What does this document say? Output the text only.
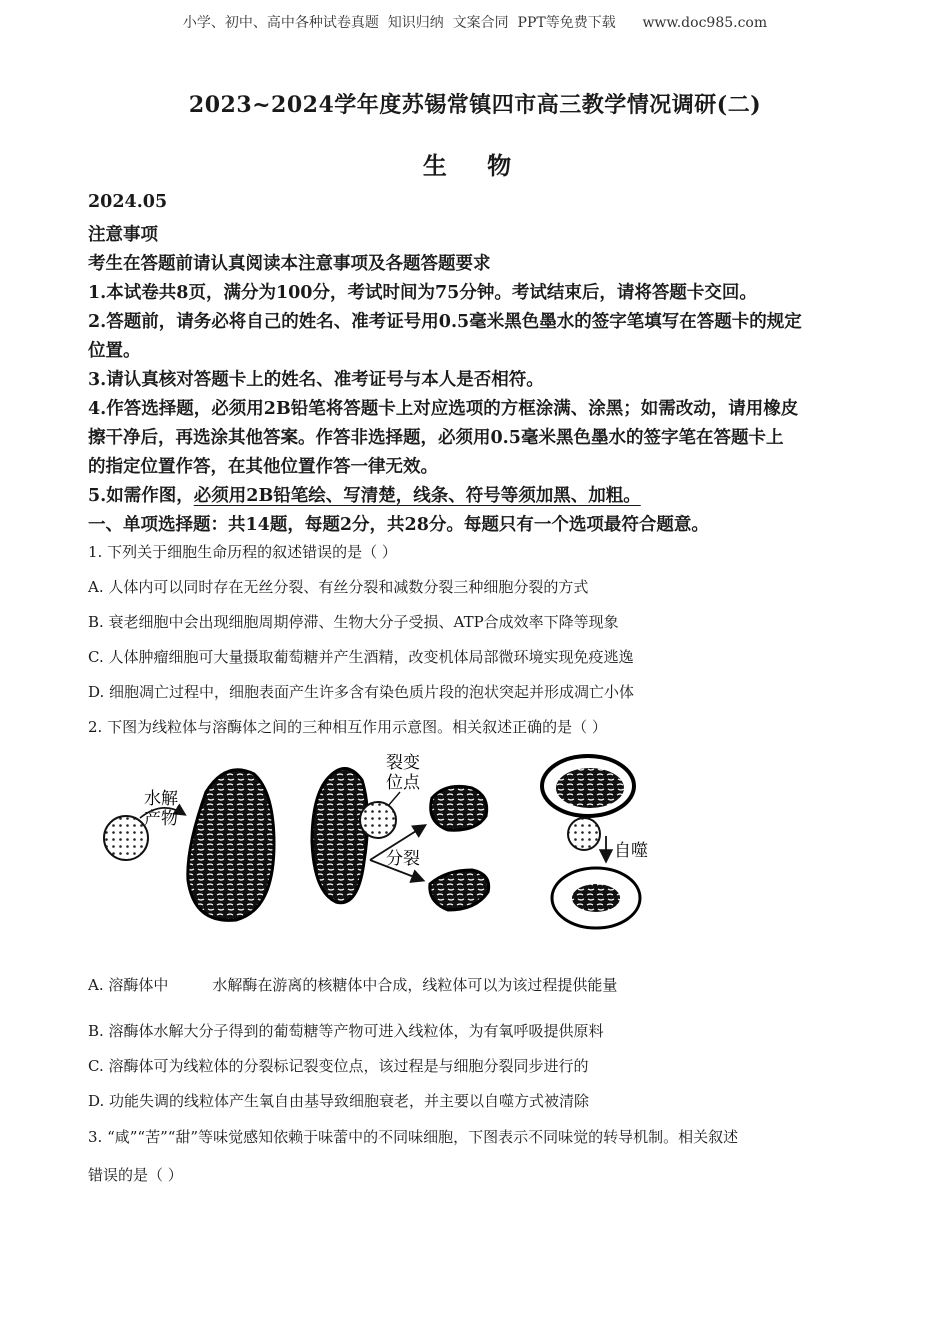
小学、初中、高中各种试卷真题  知识归纳  文案合同  PPT等免费下载      www.doc985.com
2023~2024学年度苏锡常镇四市高三教学情况调研(二)
生 物
2024.05
注意事项
考生在答题前请认真阅读本注意事项及各题答题要求
1.本试卷共8页，满分为100分，考试时间为75分钟。考试结束后，请将答题卡交回。
2.答题前，请务必将自己的姓名、准考证号用0.5毫米黑色墨水的签字笔填写在答题卡的规定
位置。
3.请认真核对答题卡上的姓名、准考证号与本人是否相符。
4.作答选择题，必须用2B铅笔将答题卡上对应选项的方框涂满、涂黑；如需改动，请用橡皮
擦干净后，再选涂其他答案。作答非选择题，必须用0.5毫米黑色墨水的签字笔在答题卡上
的指定位置作答，在其他位置作答一律无效。
5.如需作图，必须用2B铅笔绘、写清楚，线条、符号等须加黑、加粗。
一、单项选择题：共14题，每题2分，共28分。每题只有一个选项最符合题意。
1. 下列关于细胞生命历程的叙述错误的是（ ）
A. 人体内可以同时存在无丝分裂、有丝分裂和减数分裂三种细胞分裂的方式
B. 衰老细胞中会出现细胞周期停滞、生物大分子受损、ATP合成效率下降等现象
C. 人体肿瘤细胞可大量摄取葡萄糖并产生酒精，改变机体局部微环境实现免疫逃逸
D. 细胞凋亡过程中，细胞表面产生许多含有染色质片段的泡状突起并形成凋亡小体
2. 下图为线粒体与溶酶体之间的三种相互作用示意图。相关叙述正确的是（ ）
水解
产物
裂变
位点
分裂	自噬
A. 溶酶体中	水解酶在游离的核糖体中合成，线粒体可以为该过程提供能量
B. 溶酶体水解大分子得到的葡萄糖等产物可进入线粒体，为有氧呼吸提供原料
C. 溶酶体可为线粒体的分裂标记裂变位点，该过程是与细胞分裂同步进行的
D. 功能失调的线粒体产生氧自由基导致细胞衰老，并主要以自噬方式被清除
3. “咸”“苦”“甜”等味觉感知依赖于味蕾中的不同味细胞，下图表示不同味觉的转导机制。相关叙述
错误的是（ ）
